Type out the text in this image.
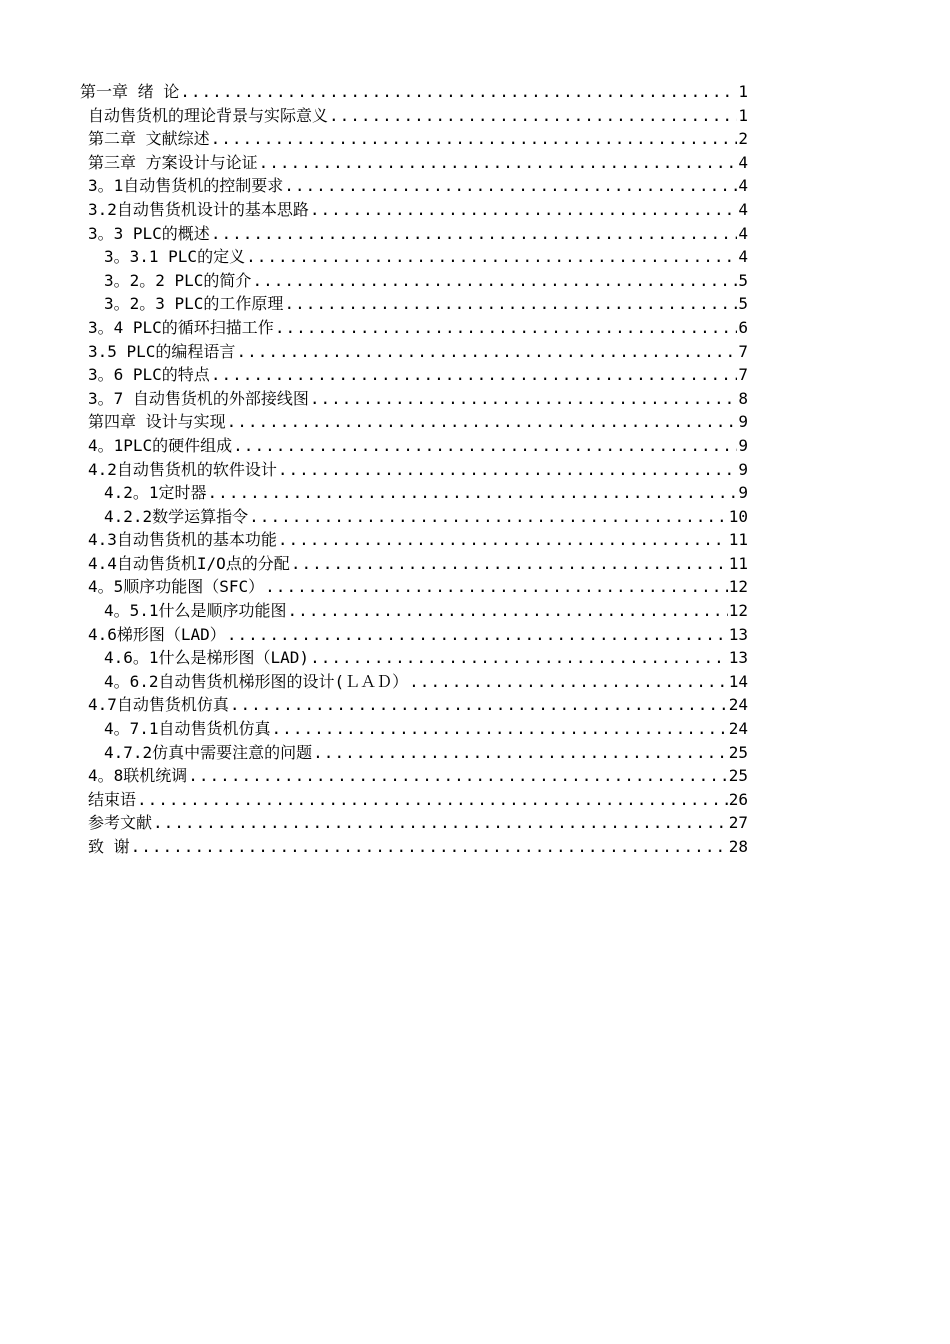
第一章 绪 论 .....	1
自动售货机的理论背景与实际意义 .....	1
第二章 文献综述 .....	2
第三章 方案设计与论证 .....	4
3。1自动售货机的控制要求 .....	4
3.2自动售货机设计的基本思路 .....	4
3。3 PLC的概述 .....	4
3。3.1 PLC的定义 .....	4
3。2。2 PLC的简介 .....	5
3。2。3 PLC的工作原理 .....	5
3。4 PLC的循环扫描工作 .....	6
3.5 PLC的编程语言 .....	7
3。6 PLC的特点 .....	7
3。7 自动售货机的外部接线图 .....	8
第四章 设计与实现 .....	9
4。1PLC的硬件组成 .....	9
4.2自动售货机的软件设计 .....	9
4.2。1定时器 .....	9
4.2.2数学运算指令 .....	10
4.3自动售货机的基本功能 .....	11
4.4自动售货机I/O点的分配 .....	11
4。5顺序功能图（SFC） .....	12
4。5.1什么是顺序功能图 .....	12
4.6梯形图（LAD） .....	13
4.6。1什么是梯形图（LAD) .....	13
4。6.2自动售货机梯形图的设计(ＬＡＤ） .....	14
4.7自动售货机仿真 .....	24
4。7.1自动售货机仿真 .....	24
4.7.2仿真中需要注意的问题 .....	25
4。8联机统调 .....	25
结束语 .....	26
参考文献 .....	27
致 谢 .....	28
